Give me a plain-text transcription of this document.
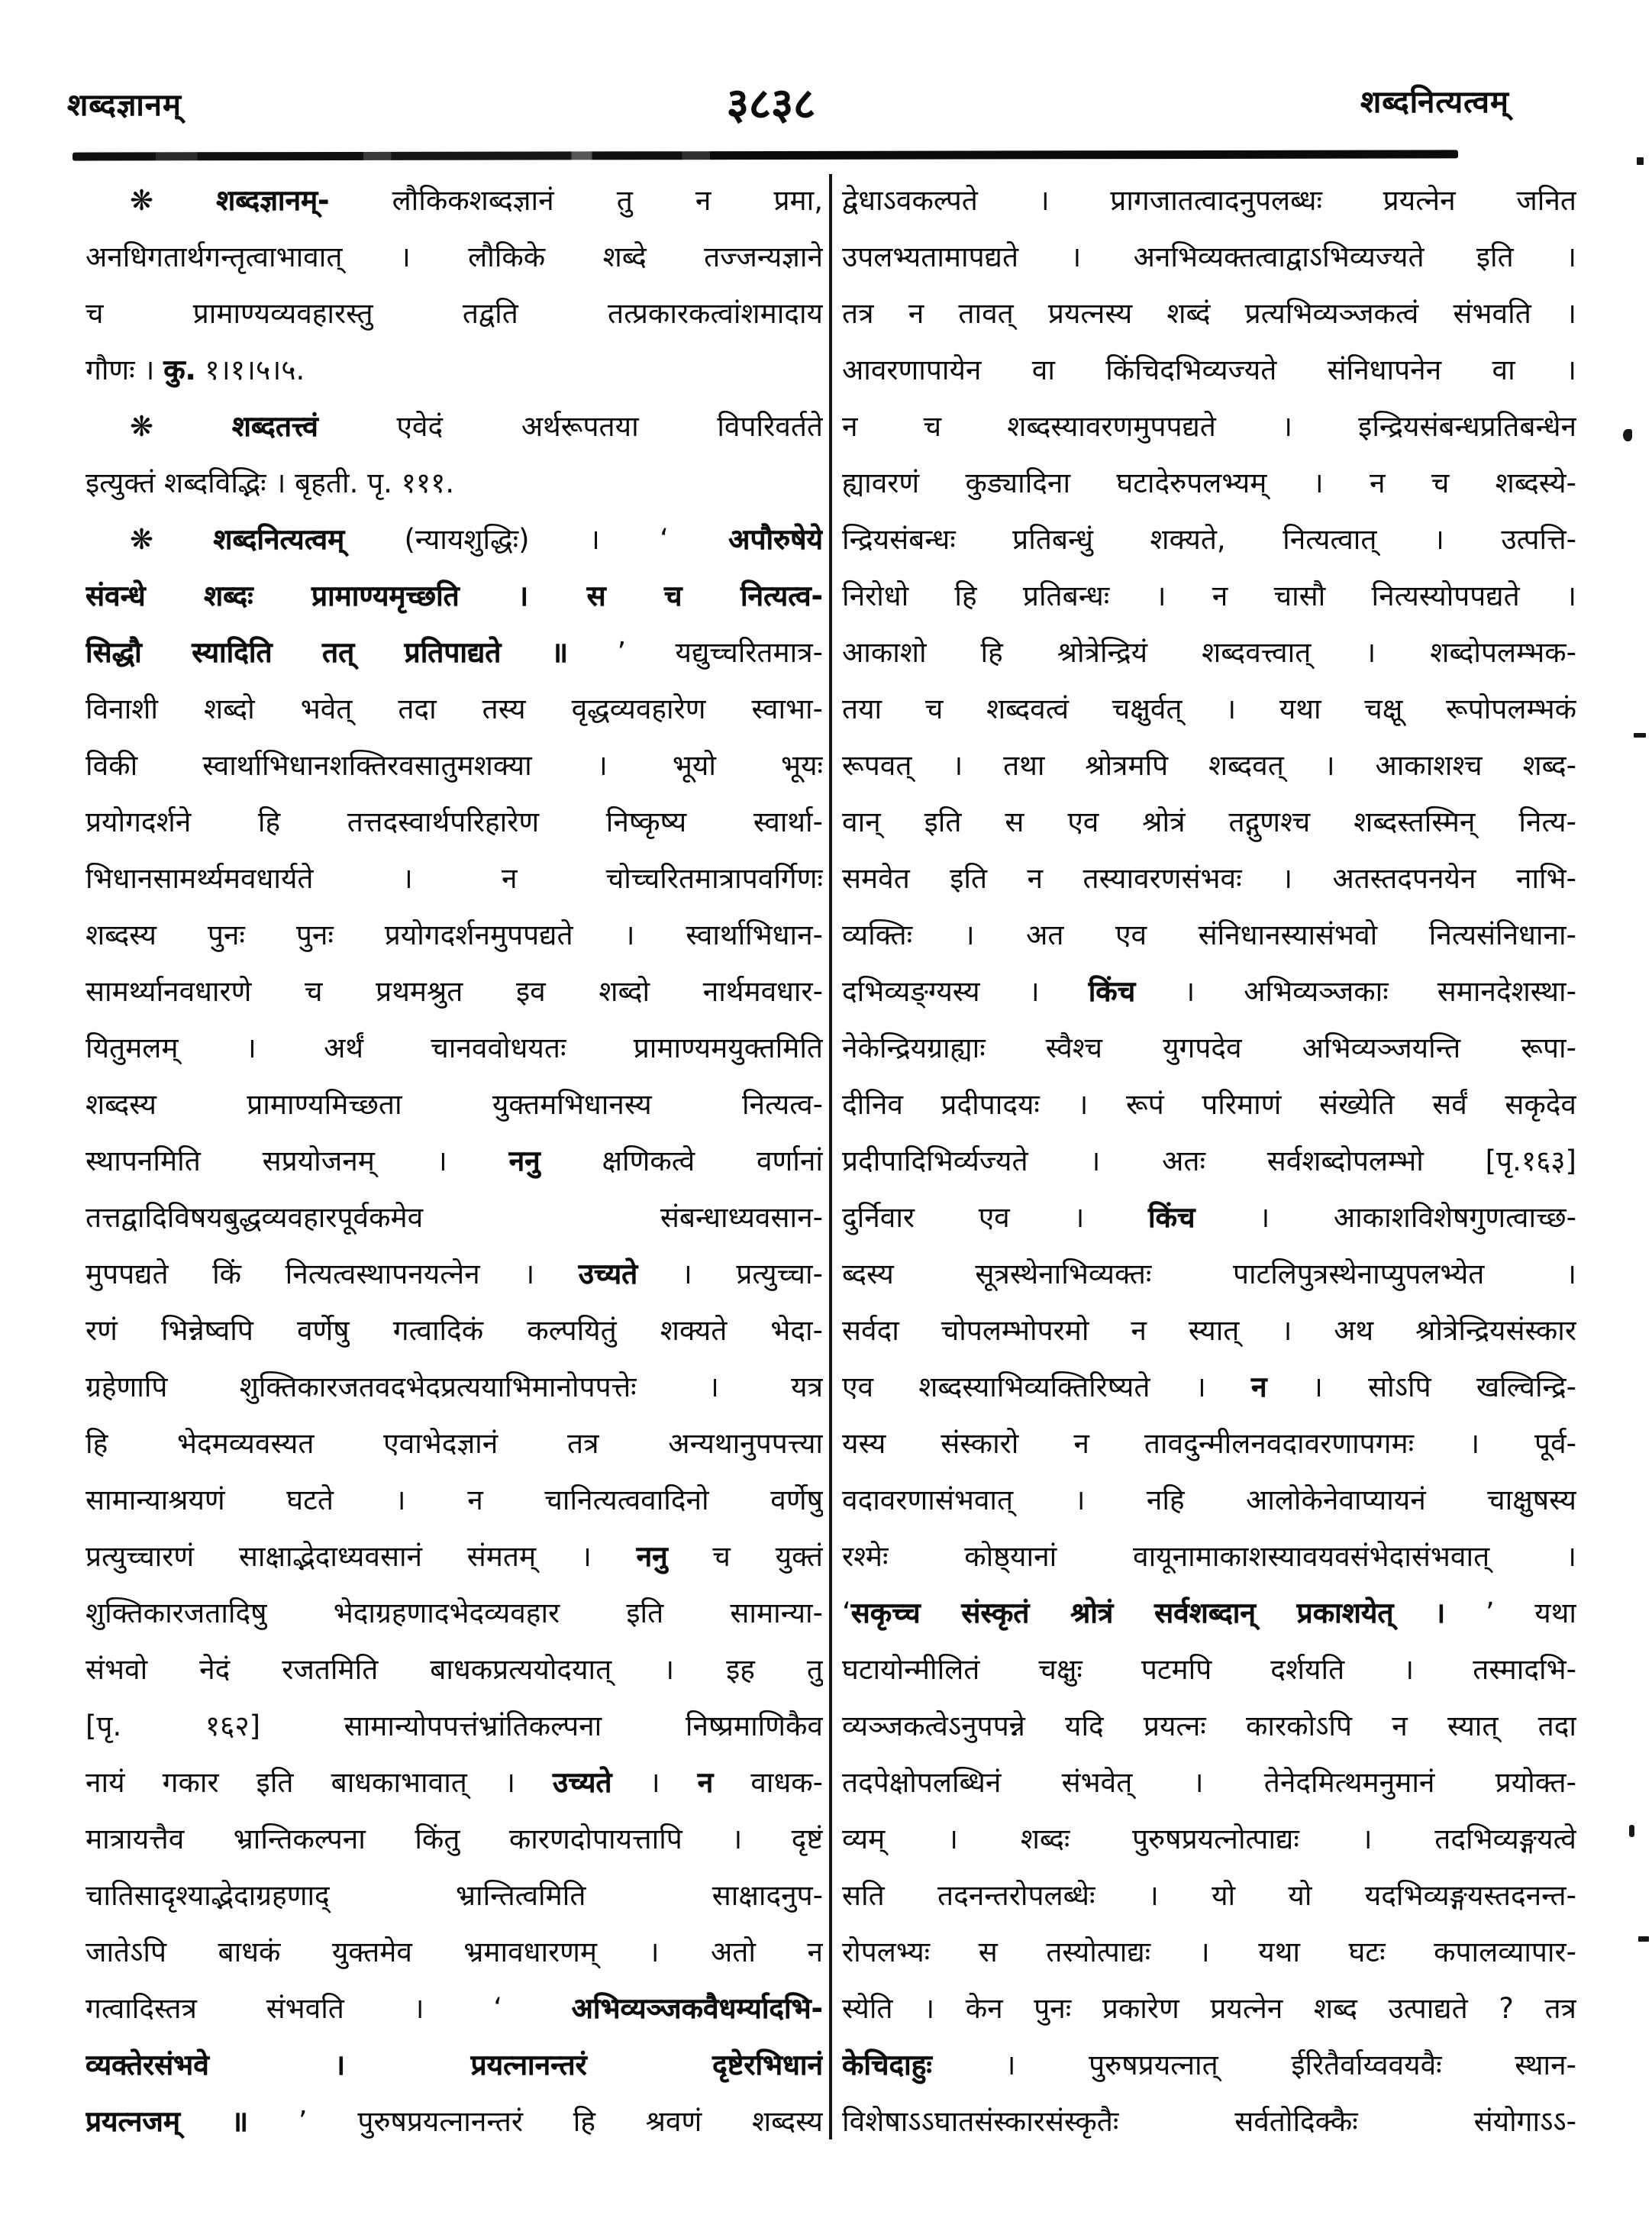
शब्दज्ञानम्	३८३८	शब्दनित्यत्वम्
❋ शब्दज्ञानम्- लौकिकशब्दज्ञानं तु न प्रमा,
अनधिगतार्थगन्तृत्वाभावात् । लौकिके शब्दे तज्जन्यज्ञाने
च प्रामाण्यव्यवहारस्तु तद्वति तत्प्रकारकत्वांशमादाय
गौणः । कु. १।१।५।५.
❋ शब्दतत्त्वं एवेदं अर्थरूपतया विपरिवर्तते
इत्युक्तं शब्दविद्भिः । बृहती. पृ. १११.
❋ शब्दनित्यत्वम् (न्यायशुद्धिः) । ‘ अपौरुषेये
संवन्धे शब्दः प्रामाण्यमृच्छति । स च नित्यत्व-
सिद्धौ स्यादिति तत् प्रतिपाद्यते ॥ ’ यद्युच्चरितमात्र-
विनाशी शब्दो भवेत् तदा तस्य वृद्धव्यवहारेण स्वाभा-
विकी स्वार्थाभिधानशक्तिरवसातुमशक्या । भूयो भूयः
प्रयोगदर्शने हि तत्तदस्वार्थपरिहारेण निष्कृष्य स्वार्था-
भिधानसामर्थ्यमवधार्यते । न चोच्चरितमात्रापवर्गिणः
शब्दस्य पुनः पुनः प्रयोगदर्शनमुपपद्यते । स्वार्थाभिधान-
सामर्थ्यानवधारणे च प्रथमश्रुत इव शब्दो नार्थमवधार-
यितुमलम् । अर्थं चानववोधयतः प्रामाण्यमयुक्तमिति
शब्दस्य प्रामाण्यमिच्छता युक्तमभिधानस्य नित्यत्व-
स्थापनमिति सप्रयोजनम् । ननु क्षणिकत्वे वर्णानां
तत्तद्वादिविषयबुद्धव्यवहारपूर्वकमेव संबन्धाध्यवसान-
मुपपद्यते किं नित्यत्वस्थापनयत्नेन । उच्यते । प्रत्युच्चा-
रणं भिन्नेष्वपि वर्णेषु गत्वादिकं कल्पयितुं शक्यते भेदा-
ग्रहेणापि शुक्तिकारजतवदभेदप्रत्ययाभिमानोपपत्तेः । यत्र
हि भेदमव्यवस्यत एवाभेदज्ञानं तत्र अन्यथानुपपत्त्या
सामान्याश्रयणं घटते । न चानित्यत्ववादिनो वर्णेषु
प्रत्युच्चारणं साक्षाद्भेदाध्यवसानं संमतम् । ननु च युक्तं
शुक्तिकारजतादिषु भेदाग्रहणादभेदव्यवहार इति सामान्या-
संभवो नेदं रजतमिति बाधकप्रत्ययोदयात् । इह तु
[पृ. १६२] सामान्योपपत्तंभ्रांतिकल्पना निष्प्रमाणिकैव
नायं गकार इति बाधकाभावात् । उच्यते । न वाधक-
मात्रायत्तैव भ्रान्तिकल्पना किंतु कारणदोपायत्तापि । दृष्टं
चातिसादृश्याद्भेदाग्रहणाद् भ्रान्तित्वमिति साक्षादनुप-
जातेऽपि बाधकं युक्तमेव भ्रमावधारणम् । अतो न
गत्वादिस्तत्र संभवति । ‘ अभिव्यञ्जकवैधर्म्यादभि-
व्यक्तेरसंभवे । प्रयत्नानन्तरं दृष्टेरभिधानं
प्रयत्नजम् ॥ ’ पुरुषप्रयत्नानन्तरं हि श्रवणं शब्दस्य
द्वेधाऽवकल्पते । प्रागजातत्वादनुपलब्धः प्रयत्नेन जनित
उपलभ्यतामापद्यते । अनभिव्यक्तत्वाद्वाऽभिव्यज्यते इति ।
तत्र न तावत् प्रयत्नस्य शब्दं प्रत्यभिव्यञ्जकत्वं संभवति ।
आवरणापायेन वा किंचिदभिव्यज्यते संनिधापनेन वा ।
न च शब्दस्यावरणमुपपद्यते । इन्द्रियसंबन्धप्रतिबन्धेन
ह्यावरणं कुड्यादिना घटादेरुपलभ्यम् । न च शब्दस्ये-
न्द्रियसंबन्धः प्रतिबन्धुं शक्यते, नित्यत्वात् । उत्पत्ति-
निरोधो हि प्रतिबन्धः । न चासौ नित्यस्योपपद्यते ।
आकाशो हि श्रोत्रेन्द्रियं शब्दवत्त्वात् । शब्दोपलम्भक-
तया च शब्दवत्वं चक्षुर्वत् । यथा चक्षू रूपोपलम्भकं
रूपवत् । तथा श्रोत्रमपि शब्दवत् । आकाशश्च शब्द-
वान् इति स एव श्रोत्रं तद्गुणश्च शब्दस्तस्मिन् नित्य-
समवेत इति न तस्यावरणसंभवः । अतस्तदपनयेन नाभि-
व्यक्तिः । अत एव संनिधानस्यासंभवो नित्यसंनिधाना-
दभिव्यङ्ग्यस्य । किंच । अभिव्यञ्जकाः समानदेशस्था-
नेकेन्द्रियग्राह्याः स्वैश्च युगपदेव अभिव्यञ्जयन्ति रूपा-
दीनिव प्रदीपादयः । रूपं परिमाणं संख्येति सर्वं सकृदेव
प्रदीपादिभिर्व्यज्यते । अतः सर्वशब्दोपलम्भो [पृ.१६३]
दुर्निवार एव । किंच । आकाशविशेषगुणत्वाच्छ-
ब्दस्य सूत्रस्थेनाभिव्यक्तः पाटलिपुत्रस्थेनाप्युपलभ्येत ।
सर्वदा चोपलम्भोपरमो न स्यात् । अथ श्रोत्रेन्द्रियसंस्कार
एव शब्दस्याभिव्यक्तिरिष्यते । न । सोऽपि खल्विन्द्रि-
यस्य संस्कारो न तावदुन्मीलनवदावरणापगमः । पूर्व-
वदावरणासंभवात् । नहि आलोकेनेवाप्यायनं चाक्षुषस्य
रश्मेः कोष्ठ्यानां वायूनामाकाशस्यावयवसंभेदासंभवात् ।
‘सकृच्च संस्कृतं श्रोत्रं सर्वशब्दान् प्रकाशयेत् । ’ यथा
घटायोन्मीलितं चक्षुः पटमपि दर्शयति । तस्मादभि-
व्यञ्जकत्वेऽनुपपन्ने यदि प्रयत्नः कारकोऽपि न स्यात् तदा
तदपेक्षोपलब्धिनं संभवेत् । तेनेदमित्थमनुमानं प्रयोक्त-
व्यम् । शब्दः पुरुषप्रयत्नोत्पाद्यः । तदभिव्यङ्गयत्वे
सति तदनन्तरोपलब्धेः । यो यो यदभिव्यङ्गयस्तदनन्त-
रोपलभ्यः स तस्योत्पाद्यः । यथा घटः कपालव्यापार-
स्येति । केन पुनः प्रकारेण प्रयत्नेन शब्द उत्पाद्यते ? तत्र
केचिदाहुः । पुरुषप्रयत्नात् ईरितैर्वाय्ववयवैः स्थान-
विशेषाऽऽघातसंस्कारसंस्कृतैः सर्वतोदिक्कैः संयोगाऽऽ-
